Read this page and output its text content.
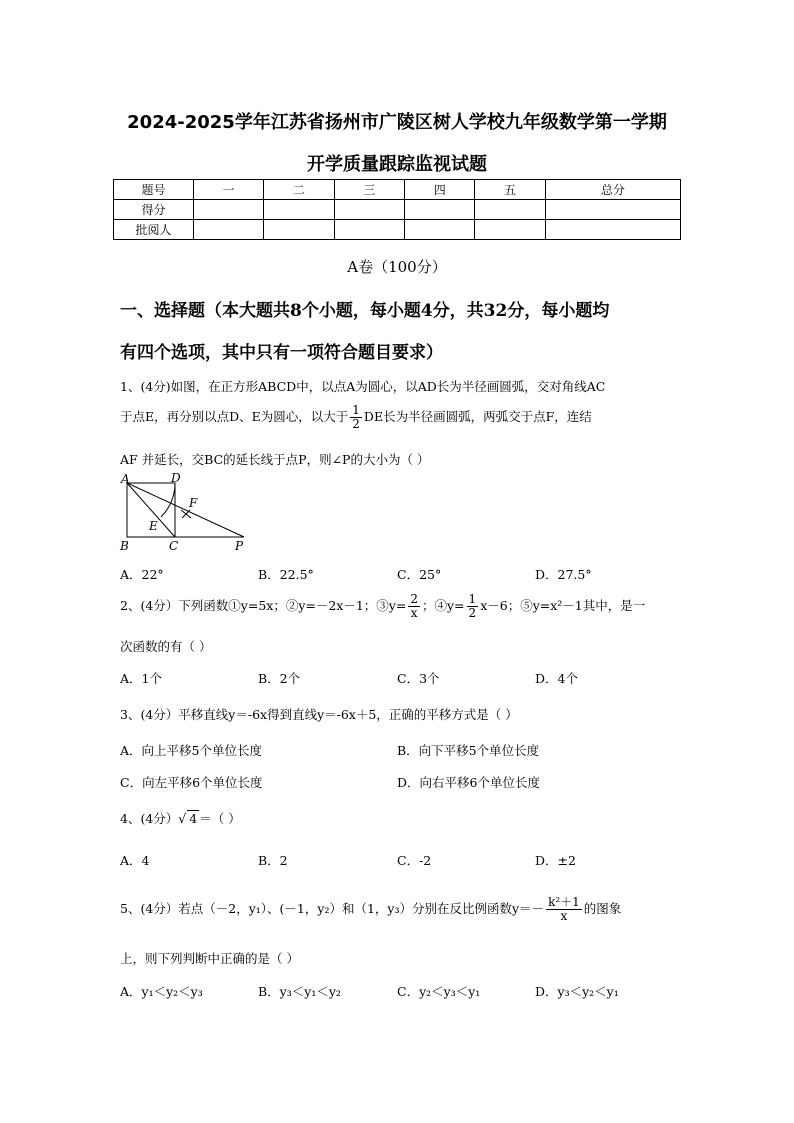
2024-2025学年江苏省扬州市广陵区树人学校九年级数学第一学期
开学质量跟踪监视试题
题号	一	二	三	四	五	总分
得分						
批阅人						
A卷（100分）
一、选择题（本大题共8个小题，每小题4分，共32分，每小题均
有四个选项，其中只有一项符合题目要求）
1、(4分)如图，在正方形ABCD中，以点A为圆心，以AD长为半径画圆弧，交对角线AC
于点E，再分别以点D、E为圆心，以大于 $\frac{1}{2}$ DE长为半径画圆弧，两弧交于点F，连结
AF 并延长，交BC的延长线于点P，则∠P的大小为（ ）
A	D
F
E
B	C	P
A．22°	B．22.5°	C．25°	D．27.5°
2、(4分）下列函数①y=5x；②y=－2x－1；③y= $\frac{2}{x}$ ；④y= $\frac{1}{2} x-6$；⑤y=x²－1其中，是一
次函数的有（ ）
A．1个	B．2个	C．3个	D．4个
3、(4分）平移直线y＝-6x得到直线y＝-6x＋5，正确的平移方式是（ ）
A．向上平移5个单位长度	B．向下平移5个单位长度
C．向左平移6个单位长度	D．向右平移6个单位长度
4、(4分）√ 4 ＝（ ）
A．4	B．2	C．-2	D．±2
5、(4分）若点（－2，y₁）、(－1，y₂）和（1，y₃）分别在反比例函数$y=- \frac{\text{k²＋1}}{x}$ 的图象
上，则下列判断中正确的是（ ）
A．y₁＜y₂＜y₃	B．y₃＜y₁＜y₂	C．y₂＜y₃＜y₁	D．y₃＜y₂＜y₁
